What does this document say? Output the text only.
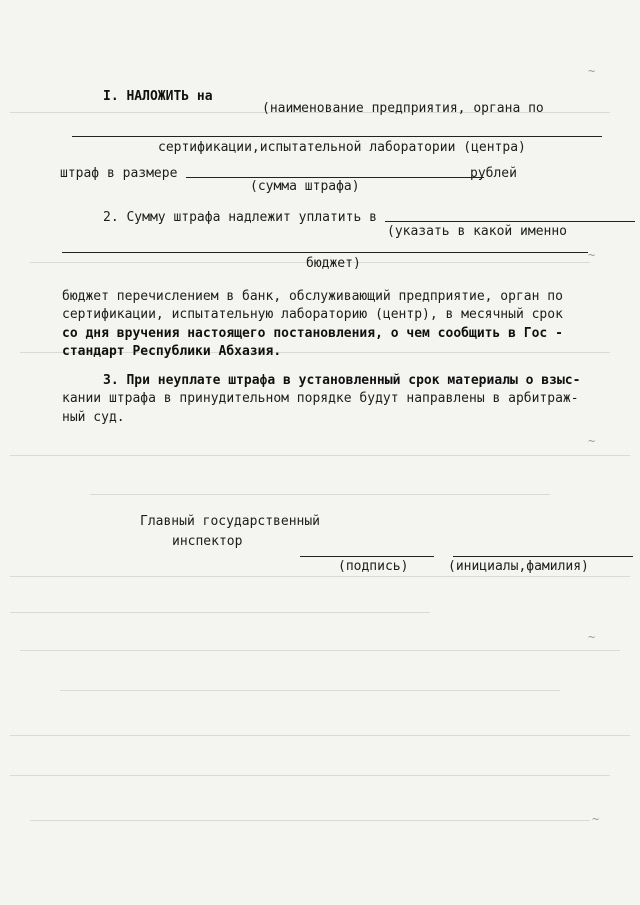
I. НАЛОЖИТЬ на
(наименование предприятия, органа по
сертификации,испытательной лаборатории (центра)
штраф в размере	рублей
(сумма штрафа)
2. Сумму штрафа надлежит уплатить в
(указать в какой именно
бюджет)
бюджет перечислением в банк, обслуживающий предприятие, орган по
сертификации, испытательную лабораторию (центр), в месячный срок
со дня вручения настоящего постановления, о чем сообщить в Гос -
стандарт Республики Абхазия.
3. При неуплате штрафа в установленный срок материалы о взыс-
кании штрафа в принудительном порядке будут направлены в арбитраж-
ный суд.
Главный государственный
инспектор
(подпись)	(инициалы,фамилия)
~
~
~
~
~
